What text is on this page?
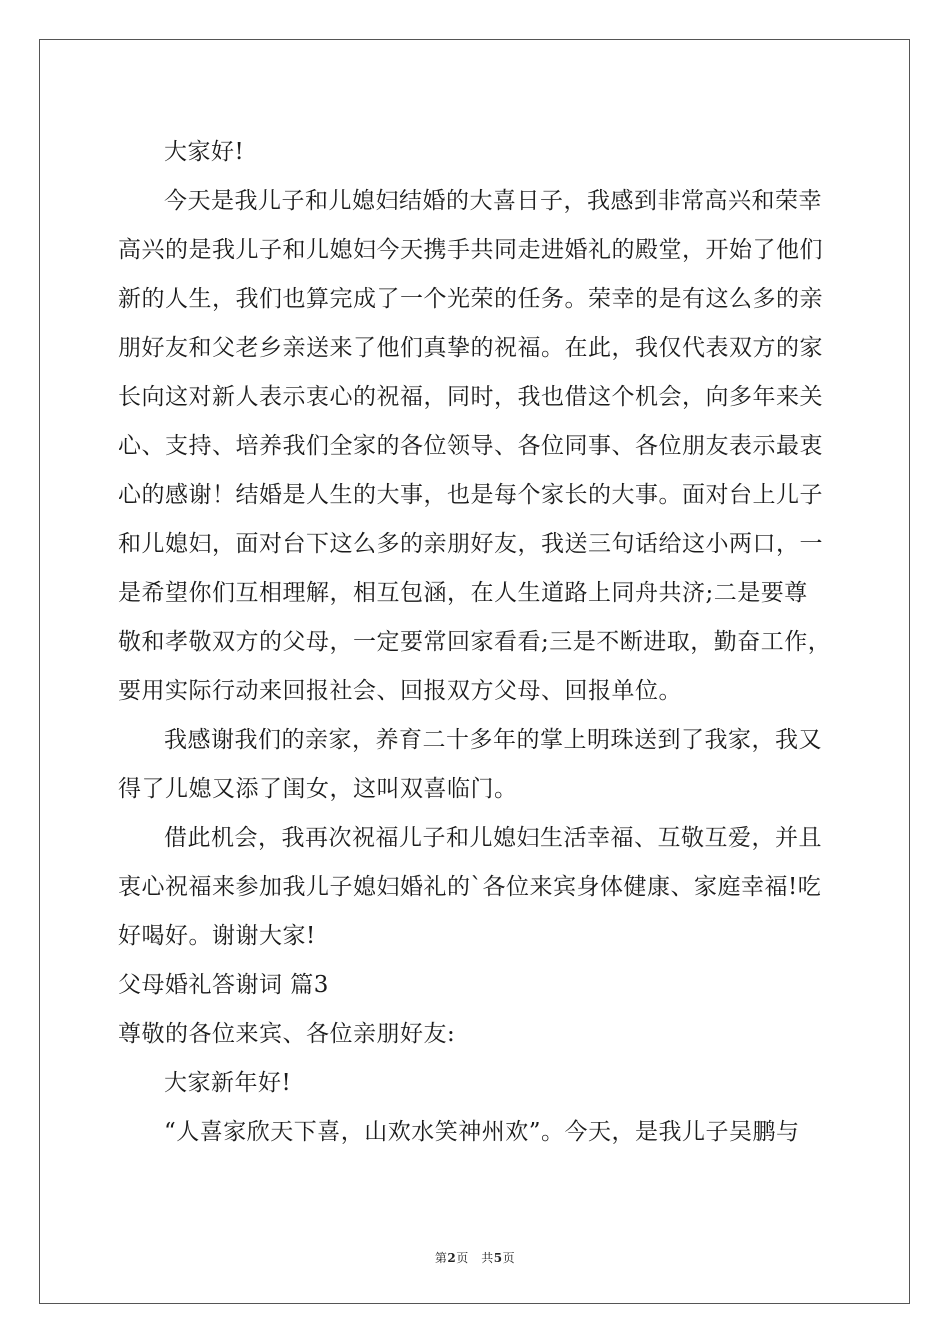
大家好!

今天是我儿子和儿媳妇结婚的大喜日子，我感到非常高兴和荣幸

高兴的是我儿子和儿媳妇今天携手共同走进婚礼的殿堂，开始了他们

新的人生，我们也算完成了一个光荣的任务。荣幸的是有这么多的亲

朋好友和父老乡亲送来了他们真挚的祝福。在此，我仅代表双方的家

长向这对新人表示衷心的祝福，同时，我也借这个机会，向多年来关

心、支持、培养我们全家的各位领导、各位同事、各位朋友表示最衷

心的感谢！结婚是人生的大事，也是每个家长的大事。面对台上儿子

和儿媳妇，面对台下这么多的亲朋好友，我送三句话给这小两口，一

是希望你们互相理解，相互包涵，在人生道路上同舟共济;二是要尊

敬和孝敬双方的父母，一定要常回家看看;三是不断进取，勤奋工作，

要用实际行动来回报社会、回报双方父母、回报单位。

我感谢我们的亲家，养育二十多年的掌上明珠送到了我家，我又

得了儿媳又添了闺女，这叫双喜临门。

借此机会，我再次祝福儿子和儿媳妇生活幸福、互敬互爱，并且

衷心祝福来参加我儿子媳妇婚礼的`各位来宾身体健康、家庭幸福!吃

好喝好。谢谢大家!

父母婚礼答谢词 篇3

尊敬的各位来宾、各位亲朋好友:

大家新年好!

“人喜家欣天下喜，山欢水笑神州欢”。今天，是我儿子吴鹏与

第2页　共5页
